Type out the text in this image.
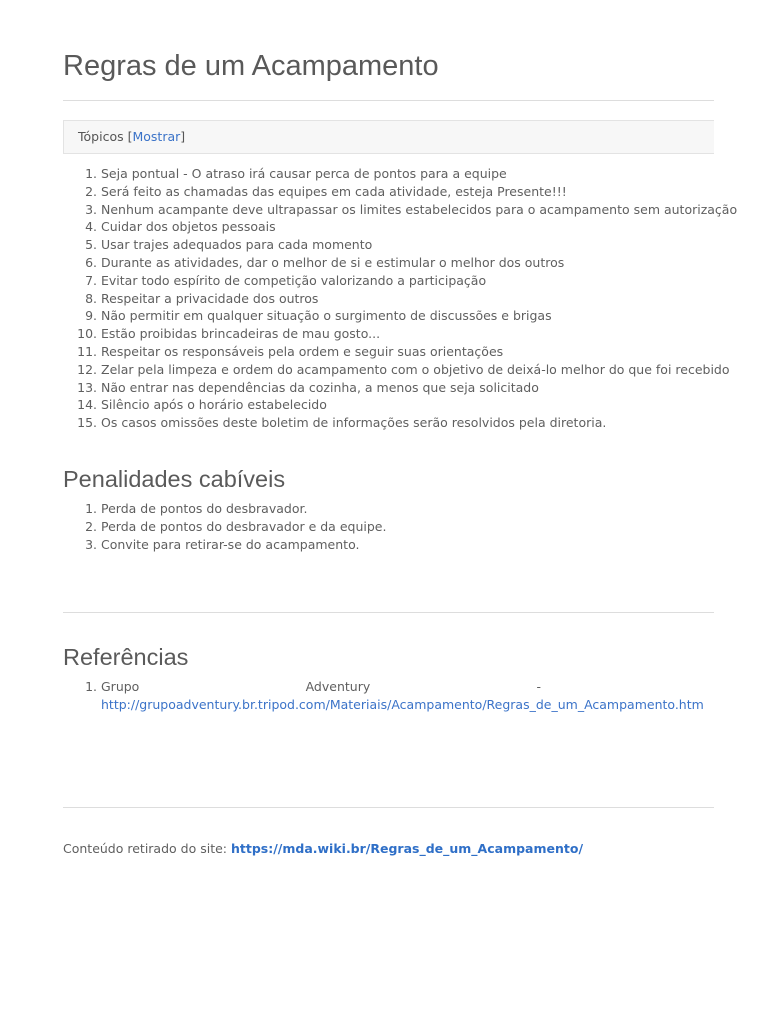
Regras de um Acampamento
Tópicos [Mostrar]
1. Seja pontual - O atraso irá causar perca de pontos para a equipe
2. Será feito as chamadas das equipes em cada atividade, esteja Presente!!!
3. Nenhum acampante deve ultrapassar os limites estabelecidos para o acampamento sem autorização
4. Cuidar dos objetos pessoais
5. Usar trajes adequados para cada momento
6. Durante as atividades, dar o melhor de si e estimular o melhor dos outros
7. Evitar todo espírito de competição valorizando a participação
8. Respeitar a privacidade dos outros
9. Não permitir em qualquer situação o surgimento de discussões e brigas
10. Estão proibidas brincadeiras de mau gosto...
11. Respeitar os responsáveis pela ordem e seguir suas orientações
12. Zelar pela limpeza e ordem do acampamento com o objetivo de deixá-lo melhor do que foi recebido
13. Não entrar nas dependências da cozinha, a menos que seja solicitado
14. Silêncio após o horário estabelecido
15. Os casos omissões deste boletim de informações serão resolvidos pela diretoria.
Penalidades cabíveis
1. Perda de pontos do desbravador.
2. Perda de pontos do desbravador e da equipe.
3. Convite para retirar-se do acampamento.
Referências
1. Grupo	Adventury	-
http://grupoadventury.br.tripod.com/Materiais/Acampamento/Regras_de_um_Acampamento.htm
Conteúdo retirado do site: https://mda.wiki.br/Regras_de_um_Acampamento/
